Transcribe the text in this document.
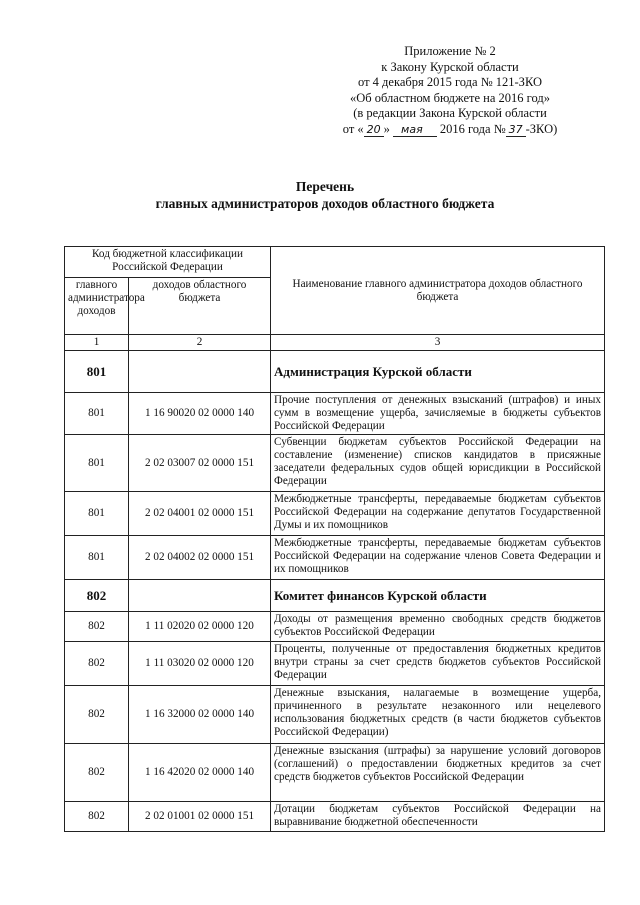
Приложение № 2
к Закону Курской области
от 4 декабря 2015 года № 121-ЗКО
«Об областном бюджете на 2016 год»
(в редакции Закона Курской области
от « 20 » мая 2016 года № 37 -ЗКО)
Перечень
главных администраторов доходов областного бюджета
Код бюджетной классификации Российской Федерации		Наименование главного администратора доходов областного бюджета
главного администратора доходов	доходов областного бюджета	
1	2	3
801		Администрация Курской области
801	1 16 90020 02 0000 140	Прочие поступления от денежных взысканий (штрафов) и иных сумм в возмещение ущерба, зачисляемые в бюджеты субъектов Российской Федерации
801	2 02 03007 02 0000 151	Субвенции бюджетам субъектов Российской Федерации на составление (изменение) списков кандидатов в присяжные заседатели федеральных судов общей юрисдикции в Российской Федерации
801	2 02 04001 02 0000 151	Межбюджетные трансферты, передаваемые бюджетам субъектов Российской Федерации на содержание депутатов Государственной Думы и их помощников
801	2 02 04002 02 0000 151	Межбюджетные трансферты, передаваемые бюджетам субъектов Российской Федерации на содержание членов Совета Федерации и их помощников
802		Комитет финансов Курской области
802	1 11 02020 02 0000 120	Доходы от размещения временно свободных средств бюджетов субъектов Российской Федерации
802	1 11 03020 02 0000 120	Проценты, полученные от предоставления бюджетных кредитов внутри страны за счет средств бюджетов субъектов Российской Федерации
802	1 16 32000 02 0000 140	Денежные взыскания, налагаемые в возмещение ущерба, причиненного в результате незаконного или нецелевого использования бюджетных средств (в части бюджетов субъектов Российской Федерации)
802	1 16 42020 02 0000 140	Денежные взыскания (штрафы) за нарушение условий договоров (соглашений) о предоставлении бюджетных кредитов за счет средств бюджетов субъектов Российской Федерации
802	2 02 01001 02 0000 151	Дотации бюджетам субъектов Российской Федерации на выравнивание бюджетной обеспеченности
